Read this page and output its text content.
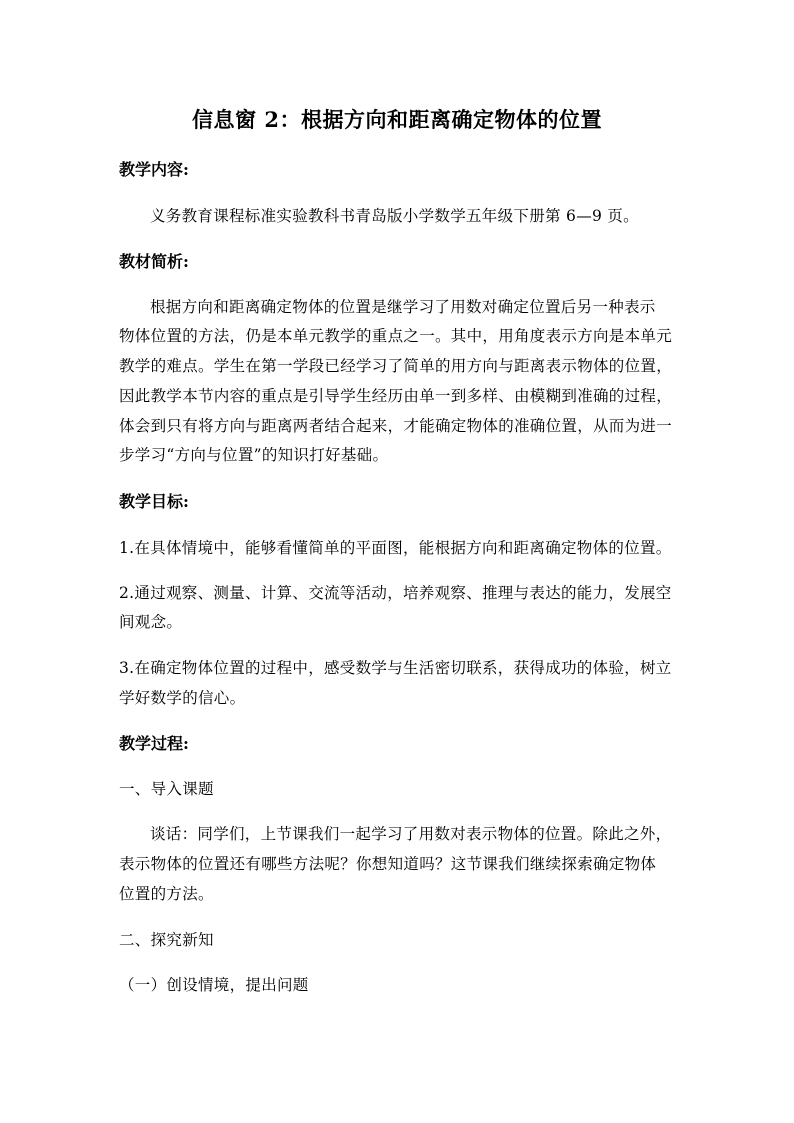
信息窗 2：根据方向和距离确定物体的位置
教学内容:
义务教育课程标准实验教科书青岛版小学数学五年级下册第 6—9 页。
教材简析:
根据方向和距离确定物体的位置是继学习了用数对确定位置后另一种表示
物体位置的方法，仍是本单元教学的重点之一。其中，用角度表示方向是本单元
教学的难点。学生在第一学段已经学习了简单的用方向与距离表示物体的位置，
因此教学本节内容的重点是引导学生经历由单一到多样、由模糊到准确的过程，
体会到只有将方向与距离两者结合起来，才能确定物体的准确位置，从而为进一
步学习“方向与位置”的知识打好基础。
教学目标:
1.在具体情境中，能够看懂简单的平面图，能根据方向和距离确定物体的位置。
2.通过观察、测量、计算、交流等活动，培养观察、推理与表达的能力，发展空
间观念。
3.在确定物体位置的过程中，感受数学与生活密切联系，获得成功的体验，树立
学好数学的信心。
教学过程:
一、导入课题
谈话：同学们，上节课我们一起学习了用数对表示物体的位置。除此之外，
表示物体的位置还有哪些方法呢？你想知道吗？这节课我们继续探索确定物体
位置的方法。
二、探究新知
（一）创设情境，提出问题
